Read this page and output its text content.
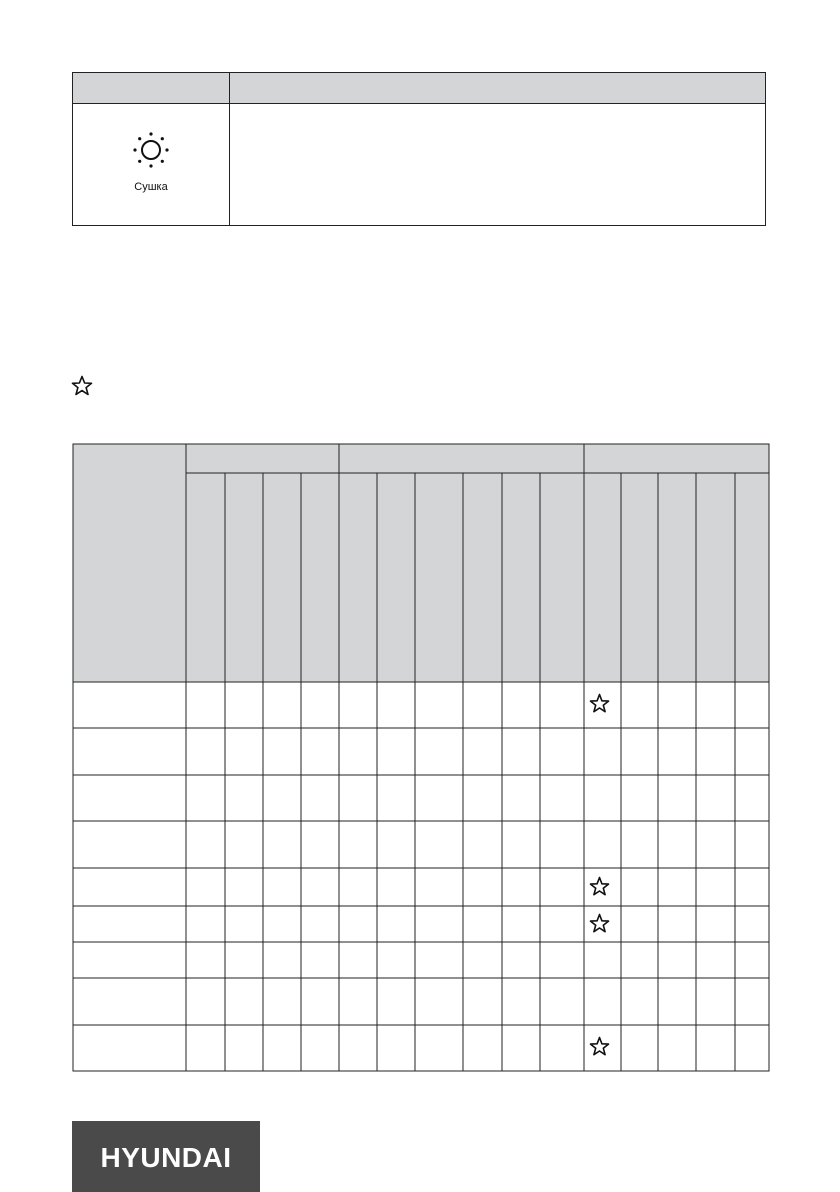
Сушка
HYUNDAI
